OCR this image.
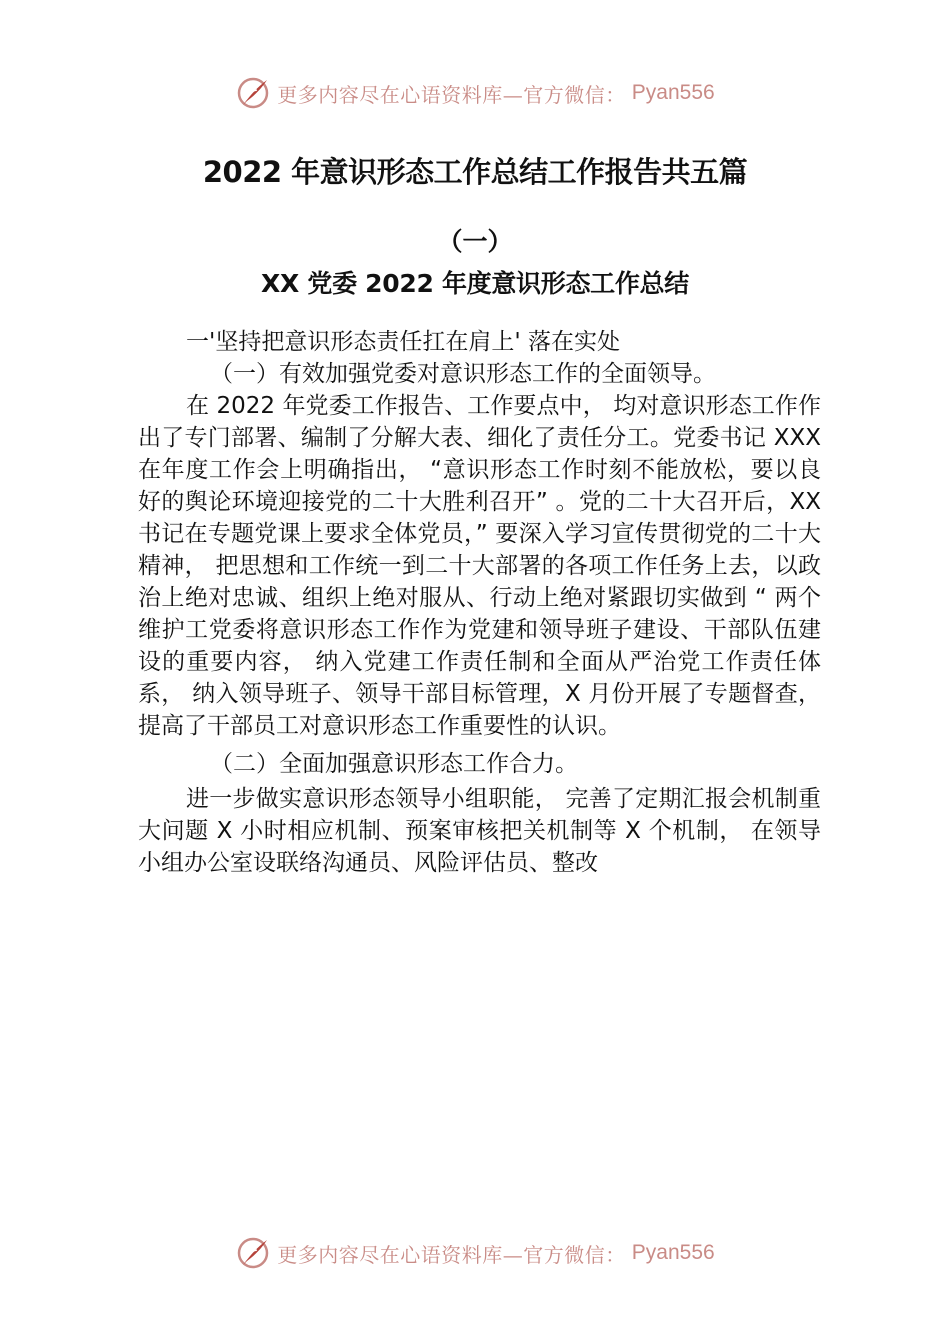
更多内容尽在心语资料库—官方微信： Pyan556
2022 年意识形态工作总结工作报告共五篇
（一）
XX 党委 2022 年度意识形态工作总结

一'坚持把意识形态责任扛在肩上' 落在实处

（一）有效加强党委对意识形态工作的全面领导。

在 2022 年党委工作报告、工作要点中， 均对意识形态工作作出了专门部署、编制了分解大表、细化了责任分工。党委书记 XXX 在年度工作会上明确指出， “意识形态工作时刻不能放松，要以良好的舆论环境迎接党的二十大胜利召开” 。党的二十大召开后，XX 书记在专题党课上要求全体党员，” 要深入学习宣传贯彻党的二十大精神， 把思想和工作统一到二十大部署的各项工作任务上去，以政治上绝对忠诚、组织上绝对服从、行动上绝对紧跟切实做到 “ 两个维护工党委将意识形态工作作为党建和领导班子建设、干部队伍建设的重要内容， 纳入党建工作责任制和全面从严治党工作责任体系， 纳入领导班子、领导干部目标管理，X 月份开展了专题督查，提高了干部员工对意识形态工作重要性的认识。

（二）全面加强意识形态工作合力。

进一步做实意识形态领导小组职能， 完善了定期汇报会机制重大问题 X 小时相应机制、预案审核把关机制等 X 个机制， 在领导小组办公室设联络沟通员、风险评估员、整改

更多内容尽在心语资料库—官方微信： Pyan556
